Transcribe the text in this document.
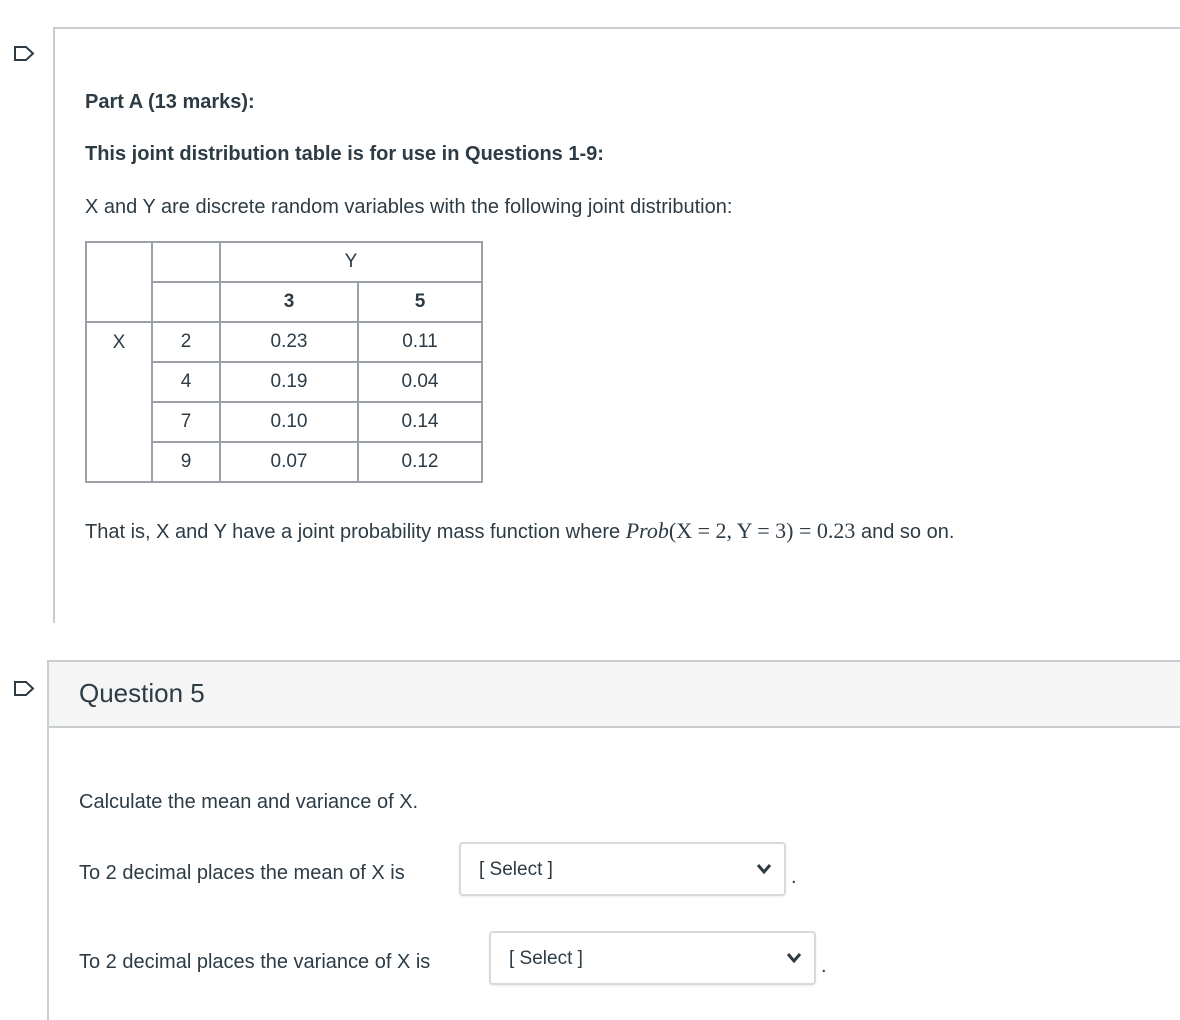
Part A (13 marks):
This joint distribution table is for use in Questions 1-9:
X and Y are discrete random variables with the following joint distribution:
		Y	
		3	5
X	2	0.23	0.11
	4	0.19	0.04
	7	0.10	0.14
	9	0.07	0.12
That is, X and Y have a joint probability mass function where Prob(X = 2, Y = 3) = 0.23 and so on.
Question 5
Calculate the mean and variance of X.
To 2 decimal places the mean of X is	[ Select ]	.
To 2 decimal places the variance of X is	[ Select ]	.
